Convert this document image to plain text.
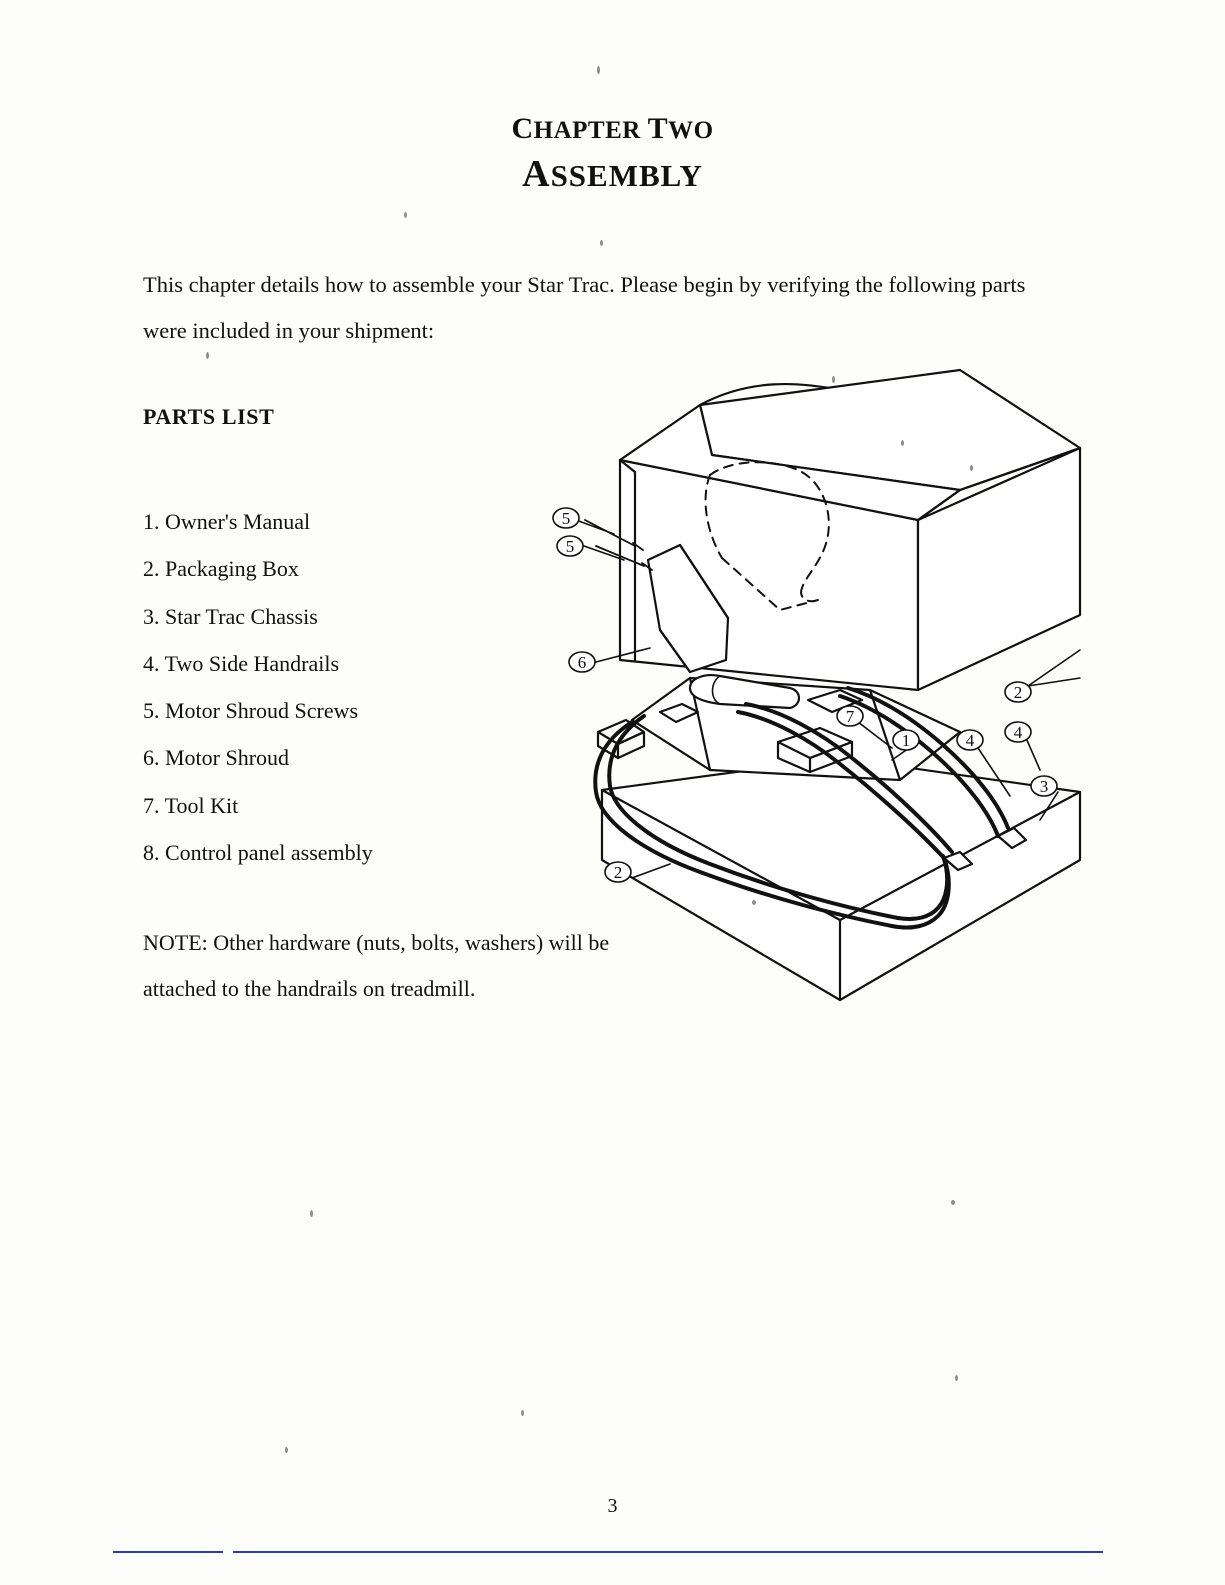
CHAPTER TWO
ASSEMBLY
This chapter details how to assemble your Star Trac. Please begin by verifying the following parts were included in your shipment:
PARTS LIST
1. Owner's Manual
2. Packaging Box
3. Star Trac Chassis
4. Two Side Handrails
5. Motor Shroud Screws
6. Motor Shroud
7. Tool Kit
8. Control panel assembly
NOTE: Other hardware (nuts, bolts, washers) will be attached to the handrails on treadmill.
5
5
6
2
7
1	4 4
3
2
3
